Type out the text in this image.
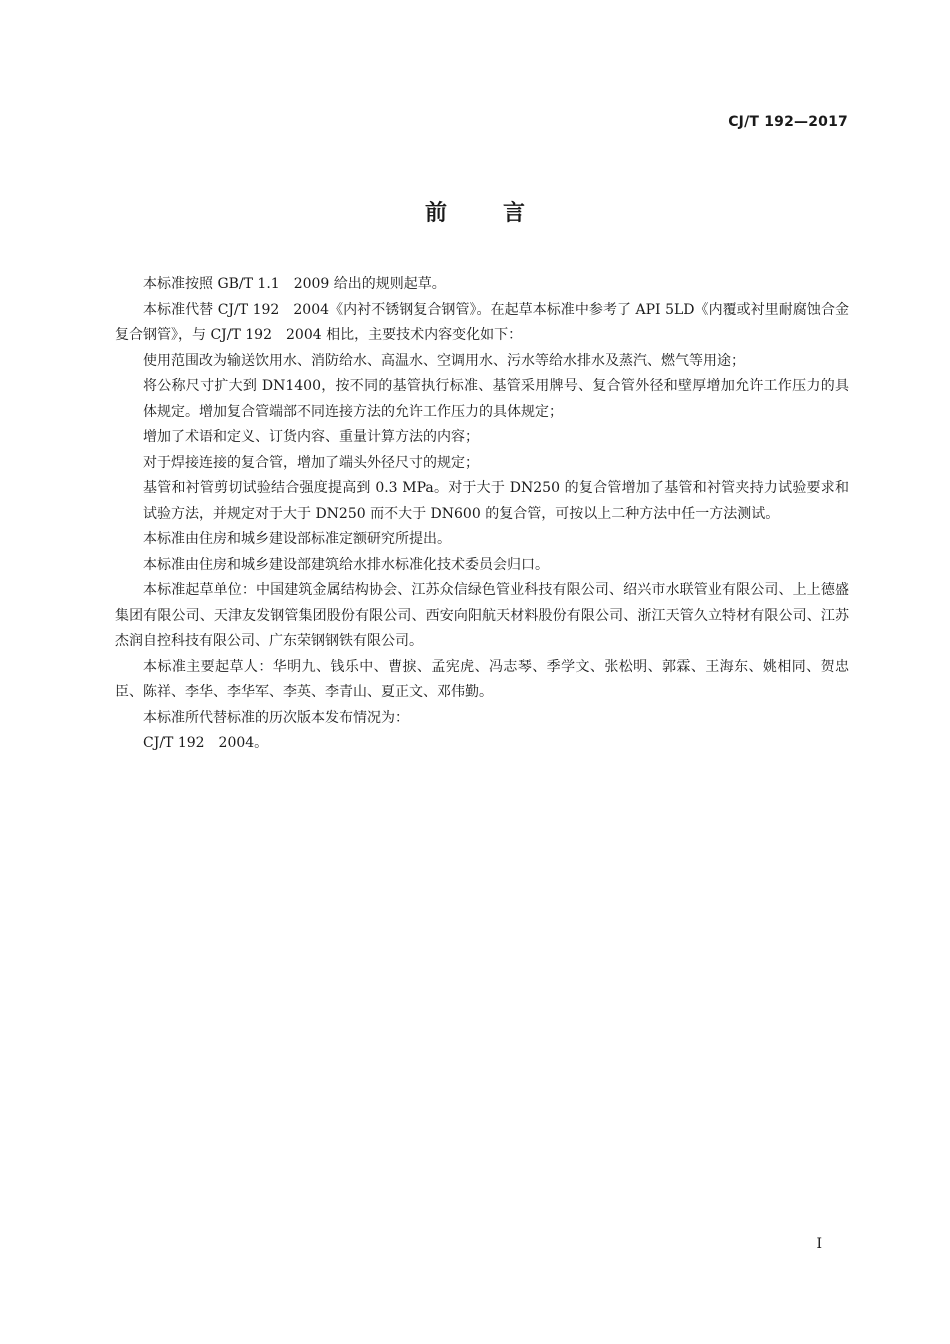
CJ/T 192—2017
前言

本标准按照 GB/T 1.1　2009 给出的规则起草。

本标准代替 CJ/T 192　2004《内衬不锈钢复合钢管》。在起草本标准中参考了 API 5LD《内覆或衬里耐腐蚀合金复合钢管》，与 CJ/T 192　2004 相比，主要技术内容变化如下：

使用范围改为输送饮用水、消防给水、高温水、空调用水、污水等给水排水及蒸汽、燃气等用途；

将公称尺寸扩大到 DN1400，按不同的基管执行标准、基管采用牌号、复合管外径和壁厚增加允许工作压力的具体规定。增加复合管端部不同连接方法的允许工作压力的具体规定；

增加了术语和定义、订货内容、重量计算方法的内容；

对于焊接连接的复合管，增加了端头外径尺寸的规定；

基管和衬管剪切试验结合强度提高到 0.3 MPa。对于大于 DN250 的复合管增加了基管和衬管夹持力试验要求和试验方法，并规定对于大于 DN250 而不大于 DN600 的复合管，可按以上二种方法中任一方法测试。

本标准由住房和城乡建设部标准定额研究所提出。

本标准由住房和城乡建设部建筑给水排水标准化技术委员会归口。

本标准起草单位：中国建筑金属结构协会、江苏众信绿色管业科技有限公司、绍兴市水联管业有限公司、上上德盛集团有限公司、天津友发钢管集团股份有限公司、西安向阳航天材料股份有限公司、浙江天管久立特材有限公司、江苏杰润自控科技有限公司、广东荣钢钢铁有限公司。

本标准主要起草人：华明九、钱乐中、曹捩、孟宪虎、冯志琴、季学文、张松明、郭霖、王海东、姚相同、贺忠臣、陈祥、李华、李华军、李英、李青山、夏正文、邓伟勤。

本标准所代替标准的历次版本发布情况为：

CJ/T 192　2004。

Ⅰ
